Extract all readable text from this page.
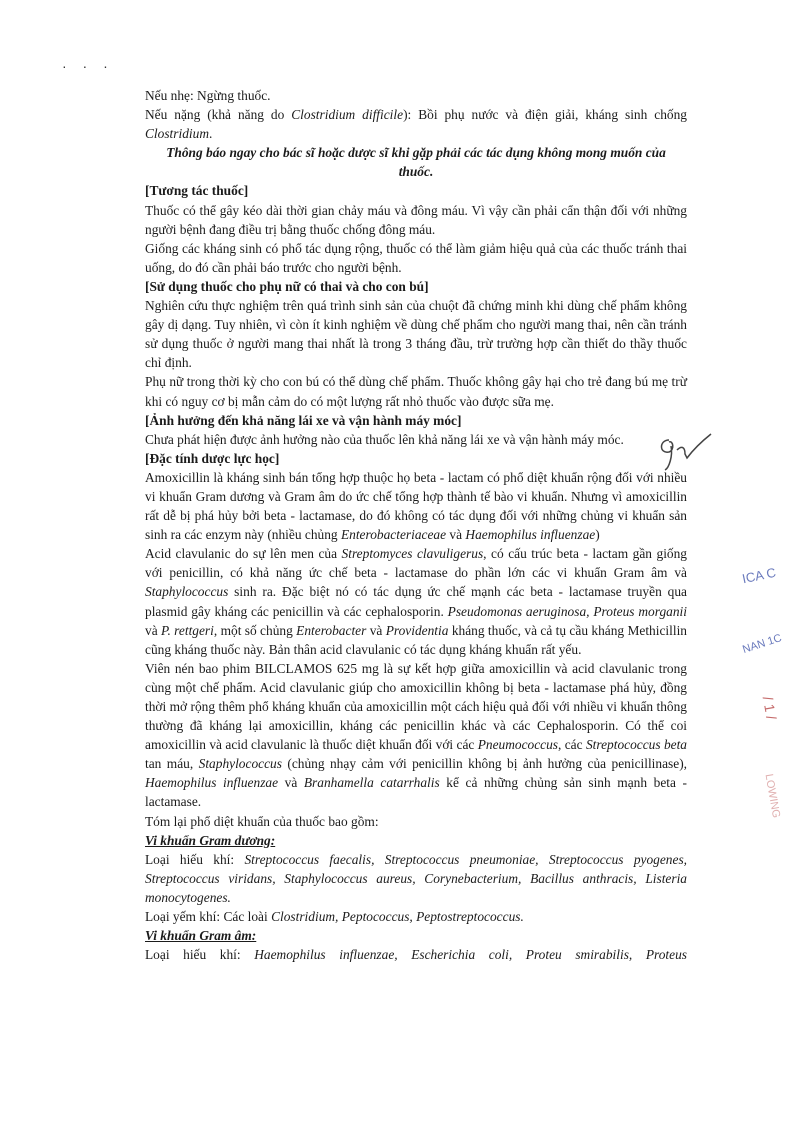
· · ·

Nếu nhẹ: Ngừng thuốc.

Nếu nặng (khả năng do Clostridium difficile): Bồi phụ nước và điện giải, kháng sinh chống Clostridium.

Thông báo ngay cho bác sĩ hoặc dược sĩ khi gặp phải các tác dụng không mong muốn của thuốc.

[Tương tác thuốc]

Thuốc có thể gây kéo dài thời gian chảy máu và đông máu. Vì vậy cần phải cẩn thận đối với những người bệnh đang điều trị bằng thuốc chống đông máu.

Giống các kháng sinh có phổ tác dụng rộng, thuốc có thể làm giảm hiệu quả của các thuốc tránh thai uống, do đó cần phải báo trước cho người bệnh.

[Sử dụng thuốc cho phụ nữ có thai và cho con bú]

Nghiên cứu thực nghiệm trên quá trình sinh sản của chuột đã chứng minh khi dùng chế phẩm không gây dị dạng. Tuy nhiên, vì còn ít kinh nghiệm về dùng chế phẩm cho người mang thai, nên cần tránh sử dụng thuốc ở người mang thai nhất là trong 3 tháng đầu, trừ trường hợp cần thiết do thầy thuốc chỉ định.

Phụ nữ trong thời kỳ cho con bú có thể dùng chế phẩm. Thuốc không gây hại cho trẻ đang bú mẹ trừ khi có nguy cơ bị mẫn cảm do có một lượng rất nhỏ thuốc vào được sữa mẹ.

[Ảnh hưởng đến khả năng lái xe và vận hành máy móc]

Chưa phát hiện được ảnh hưởng nào của thuốc lên khả năng lái xe và vận hành máy móc.

[Đặc tính dược lực học]

Amoxicillin là kháng sinh bán tổng hợp thuộc họ beta - lactam có phổ diệt khuẩn rộng đối với nhiều vi khuẩn Gram dương và Gram âm do ức chế tổng hợp thành tế bào vi khuẩn. Nhưng vì amoxicillin rất dễ bị phá hủy bởi beta - lactamase, do đó không có tác dụng đối với những chủng vi khuẩn sản sinh ra các enzym này (nhiều chủng Enterobacteriaceae và Haemophilus influenzae)

Acid clavulanic do sự lên men của Streptomyces clavuligerus, có cấu trúc beta - lactam gần giống với penicillin, có khả năng ức chế beta - lactamase do phần lớn các vi khuẩn Gram âm và Staphylococcus sinh ra. Đặc biệt nó có tác dụng ức chế mạnh các beta - lactamase truyền qua plasmid gây kháng các penicillin và các cephalosporin. Pseudomonas aeruginosa, Proteus morganii và P. rettgeri, một số chủng Enterobacter và Providentia kháng thuốc, và cả tụ cầu kháng Methicillin cũng kháng thuốc này. Bản thân acid clavulanic có tác dụng kháng khuẩn rất yếu.

Viên nén bao phim BILCLAMOS 625 mg là sự kết hợp giữa amoxicillin và acid clavulanic trong cùng một chế phẩm. Acid clavulanic giúp cho amoxicillin không bị beta - lactamase phá hủy, đồng thời mở rộng thêm phổ kháng khuẩn của amoxicillin một cách hiệu quả đối với nhiều vi khuẩn thông thường đã kháng lại amoxicillin, kháng các penicillin khác và các Cephalosporin. Có thể coi amoxicillin và acid clavulanic là thuốc diệt khuẩn đối với các Pneumococcus, các Streptococcus beta tan máu, Staphylococcus (chủng nhạy cảm với penicillin không bị ảnh hưởng của penicillinase), Haemophilus influenzae và Branhamella catarrhalis kể cả những chủng sản sinh mạnh beta - lactamase.

Tóm lại phổ diệt khuẩn của thuốc bao gồm:

Vi khuẩn Gram dương:

Loại hiếu khí: Streptococcus faecalis, Streptococcus pneumoniae, Streptococcus pyogenes, Streptococcus viridans, Staphylococcus aureus, Corynebacterium, Bacillus anthracis, Listeria monocytogenes.

Loại yếm khí: Các loài Clostridium, Peptococcus, Peptostreptococcus.

Vi khuẩn Gram âm:

Loại hiếu khí: Haemophilus influenzae, Escherichia coli, Proteu smirabilis, Proteus

ICA C
NAN 1C
/ 1 /
LOWING
